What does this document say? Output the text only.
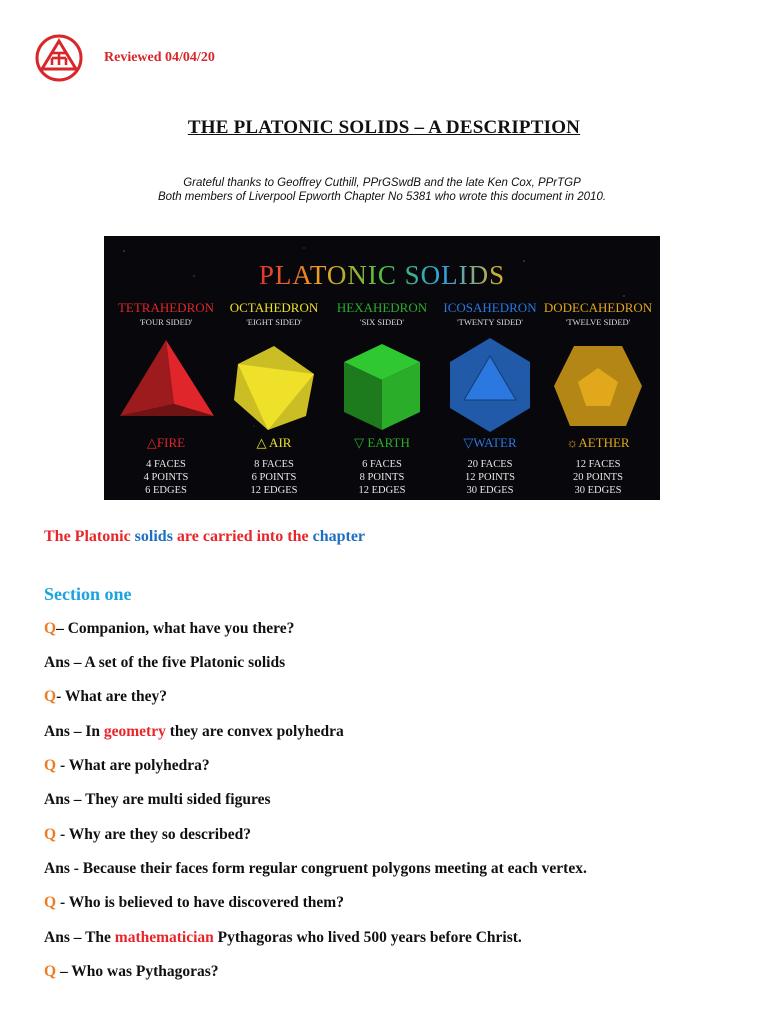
Reviewed 04/04/20
THE PLATONIC SOLIDS – A DESCRIPTION
Grateful thanks to Geoffrey Cuthill, PPrGSwdB and the late Ken Cox, PPrTGP
Both members of Liverpool Epworth Chapter No 5381 who wrote this document in 2010.
PLATONIC SOLIDS
TETRAHEDRON
'FOUR SIDED'
△FIRE
4 FACES
4 POINTS
6 EDGES
OCTAHEDRON
'EIGHT SIDED'
△ AIR
8 FACES
6 POINTS
12 EDGES
HEXAHEDRON
'SIX SIDED'
▽ EARTH
6 FACES
8 POINTS
12 EDGES
ICOSAHEDRON
'TWENTY SIDED'
▽WATER
20 FACES
12 POINTS
30 EDGES
DODECAHEDRON
'TWELVE SIDED'
☼AETHER
12 FACES
20 POINTS
30 EDGES
The Platonic solids are carried into the chapter
Section one
Q– Companion, what have you there?
Ans – A set of the five Platonic solids
Q- What are they?
Ans – In geometry they are convex polyhedra
Q - What are polyhedra?
Ans – They are multi sided figures
Q - Why are they so described?
Ans - Because their faces form regular congruent polygons meeting at each vertex.
Q - Who is believed to have discovered them?
Ans – The mathematician Pythagoras who lived 500 years before Christ.
Q – Who was Pythagoras?
